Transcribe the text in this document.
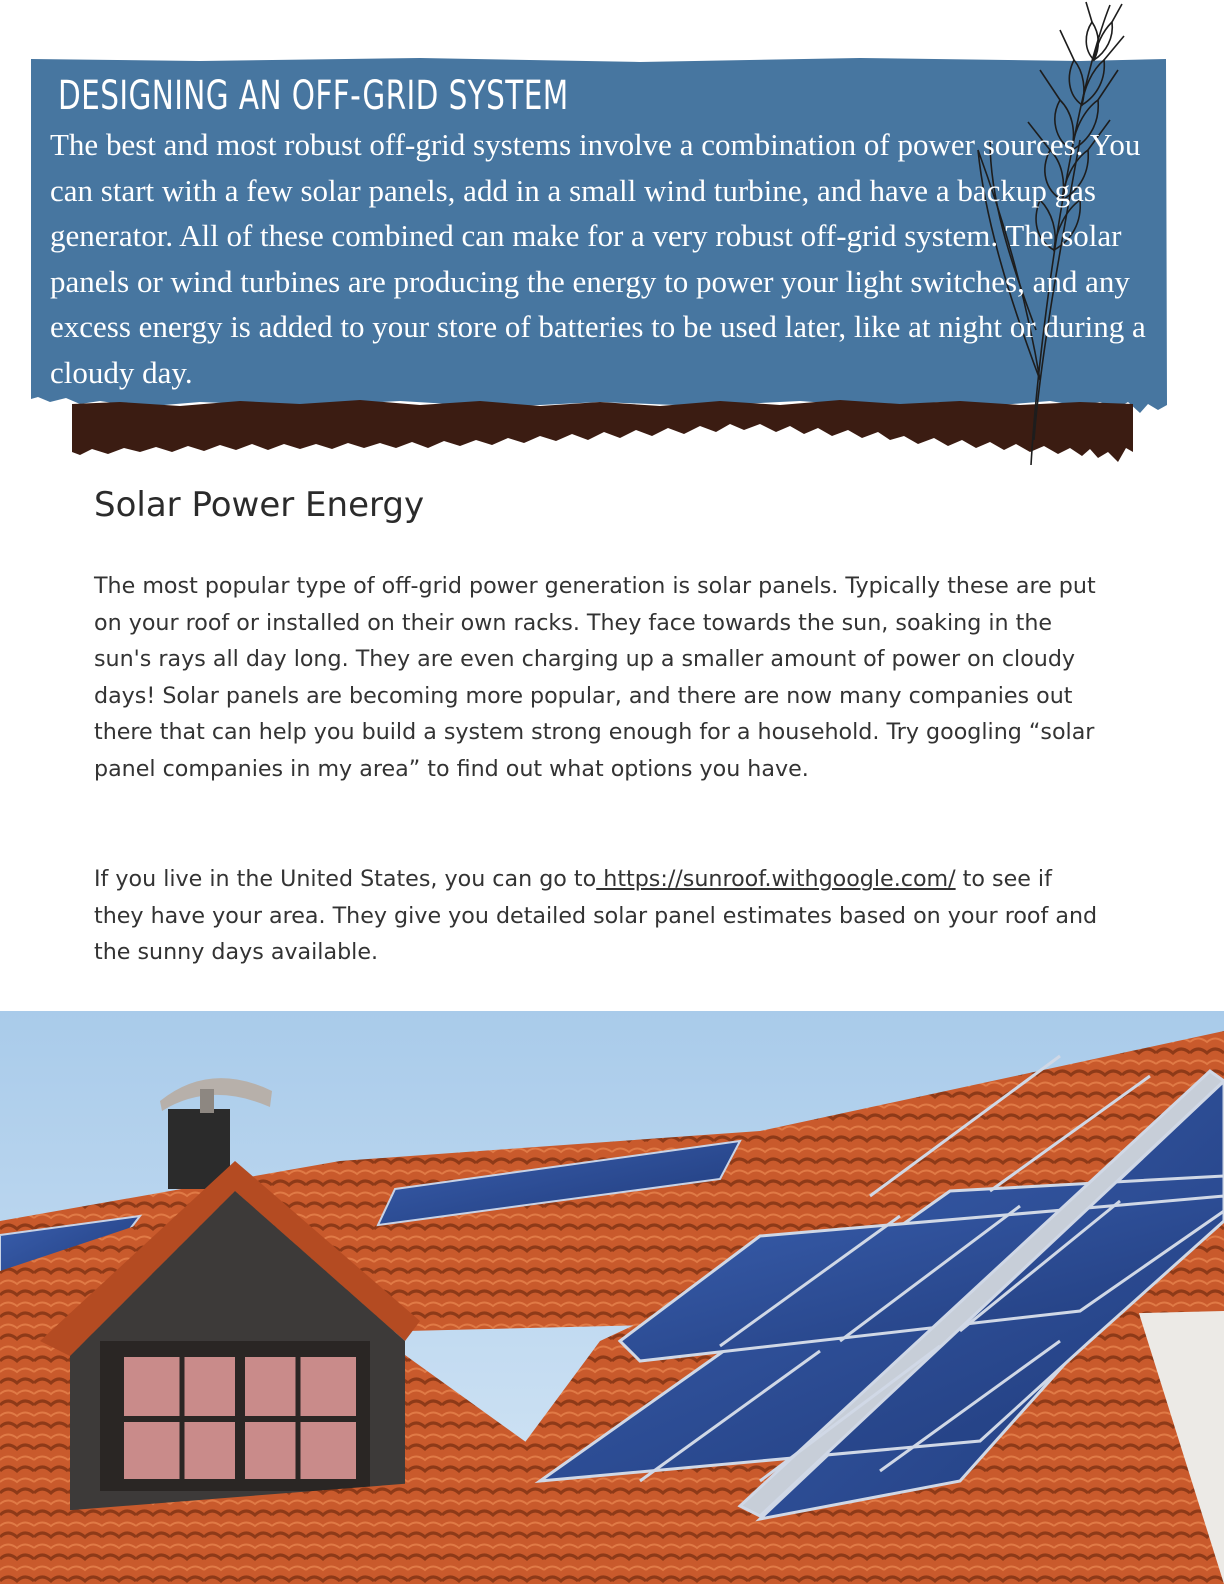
DESIGNING AN OFF-GRID SYSTEM

The best and most robust off-grid systems involve a combination of power sources. You can start with a few solar panels, add in a small wind turbine, and have a backup gas generator. All of these combined can make for a very robust off-grid system. The solar panels or wind turbines are producing the energy to power your light switches, and any excess energy is added to your store of batteries to be used later, like at night or during a cloudy day.

Solar Power Energy

The most popular type of off-grid power generation is solar panels. Typically these are put on your roof or installed on their own racks. They face towards the sun, soaking in the sun's rays all day long. They are even charging up a smaller amount of power on cloudy days! Solar panels are becoming more popular, and there are now many companies out there that can help you build a system strong enough for a household. Try googling “solar panel companies in my area” to find out what options you have.

If you live in the United States, you can go to https://sunroof.withgoogle.com/ to see if they have your area. They give you detailed solar panel estimates based on your roof and the sunny days available.
